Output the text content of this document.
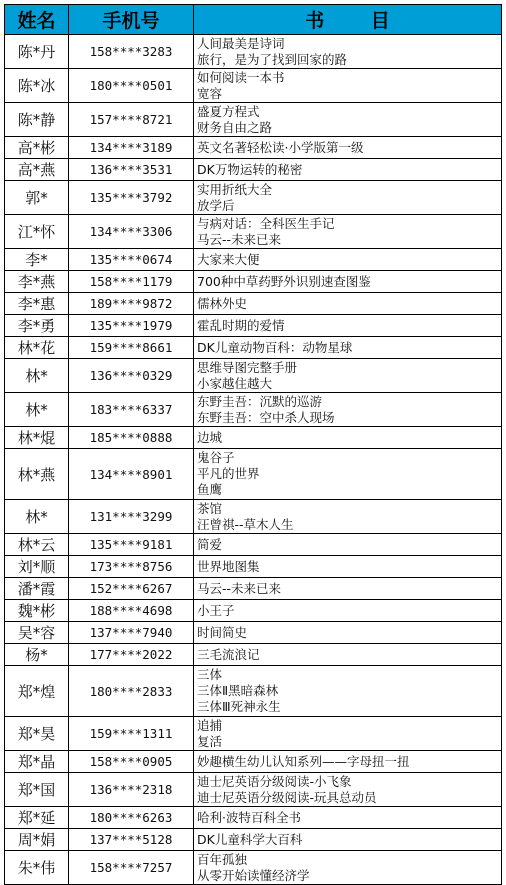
姓名	手机号	书 目
陈*丹	158****3283	人间最美是诗词
旅行，是为了找到回家的路

陈*冰	180****0501	如何阅读一本书
宽容

陈*静	157****8721	盛夏方程式
财务自由之路

高*彬	134****3189	英文名著轻松读·小学版第一级

高*燕	136****3531	DK万物运转的秘密

郭*	135****3792	实用折纸大全
放学后

江*怀	134****3306	与病对话：全科医生手记
马云--未来已来

李*	135****0674	大家来大便

李*燕	158****1179	700种中草药野外识别速查图鉴

李*惠	189****9872	儒林外史

李*勇	135****1979	霍乱时期的爱情

林*花	159****8661	DK儿童动物百科：动物星球

林*	136****0329	思维导图完整手册
小家越住越大

林*	183****6337	东野圭吾：沉默的巡游
东野圭吾：空中杀人现场

林*焜	185****0888	边城

林*燕	134****8901	鬼谷子
平凡的世界
鱼鹰

林*	131****3299	茶馆
汪曾祺--草木人生

林*云	135****9181	简爱

刘*顺	173****8756	世界地图集

潘*霞	152****6267	马云--未来已来

魏*彬	188****4698	小王子

吴*容	137****7940	时间简史

杨*	177****2022	三毛流浪记

郑*煌	180****2833	三体
三体Ⅱ黑暗森林
三体Ⅲ死神永生

郑*昊	159****1311	追捕
复活

郑*晶	158****0905	妙趣横生幼儿认知系列——字母扭一扭

郑*国	136****2318	迪士尼英语分级阅读-小飞象
迪士尼英语分级阅读-玩具总动员

郑*延	180****6263	哈利·波特百科全书

周*娟	137****5128	DK儿童科学大百科

朱*伟	158****7257	百年孤独
从零开始读懂经济学
